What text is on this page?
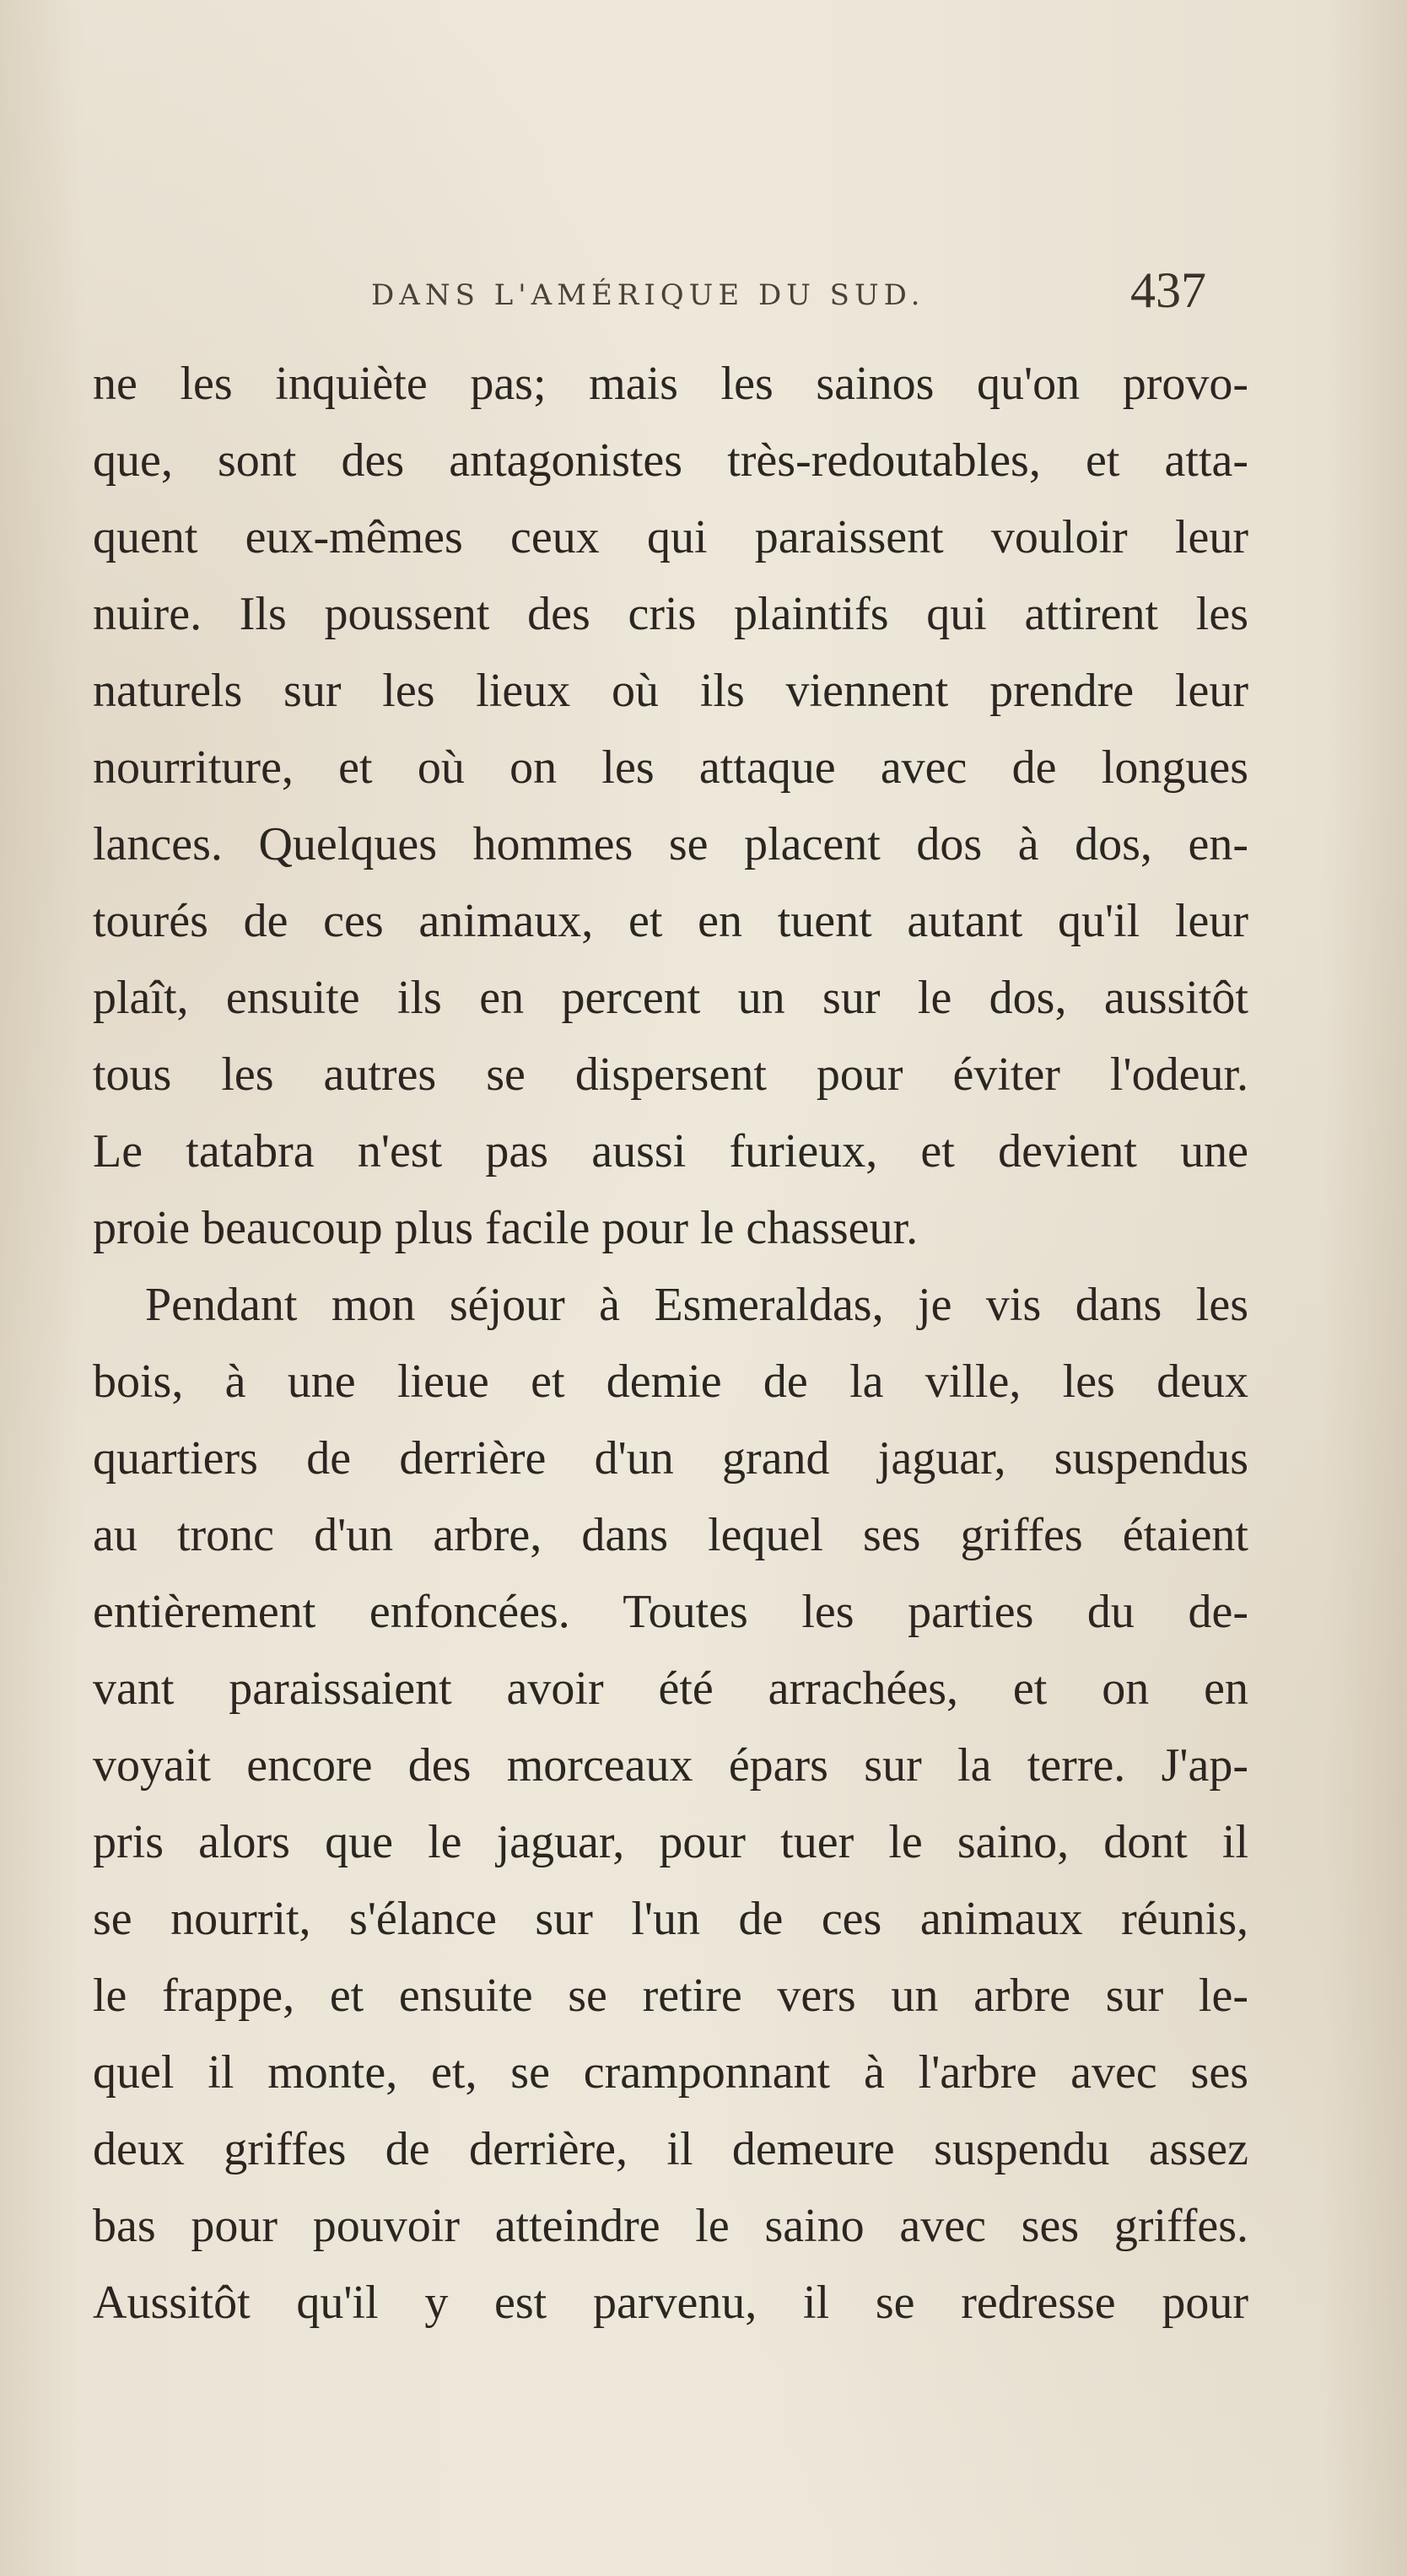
DANS L'AMÉRIQUE DU SUD.	437
ne les inquiète pas; mais les sainos qu'on provo-
que, sont des antagonistes très-redoutables, et atta-
quent eux-mêmes ceux qui paraissent vouloir leur
nuire. Ils poussent des cris plaintifs qui attirent les
naturels sur les lieux où ils viennent prendre leur
nourriture, et où on les attaque avec de longues
lances. Quelques hommes se placent dos à dos, en-
tourés de ces animaux, et en tuent autant qu'il leur
plaît, ensuite ils en percent un sur le dos, aussitôt
tous les autres se dispersent pour éviter l'odeur.
Le tatabra n'est pas aussi furieux, et devient une
proie beaucoup plus facile pour le chasseur.
Pendant mon séjour à Esmeraldas, je vis dans les
bois, à une lieue et demie de la ville, les deux
quartiers de derrière d'un grand jaguar, suspendus
au tronc d'un arbre, dans lequel ses griffes étaient
entièrement enfoncées. Toutes les parties du de-
vant paraissaient avoir été arrachées, et on en
voyait encore des morceaux épars sur la terre. J'ap-
pris alors que le jaguar, pour tuer le saino, dont il
se nourrit, s'élance sur l'un de ces animaux réunis,
le frappe, et ensuite se retire vers un arbre sur le-
quel il monte, et, se cramponnant à l'arbre avec ses
deux griffes de derrière, il demeure suspendu assez
bas pour pouvoir atteindre le saino avec ses griffes.
Aussitôt qu'il y est parvenu, il se redresse pour
